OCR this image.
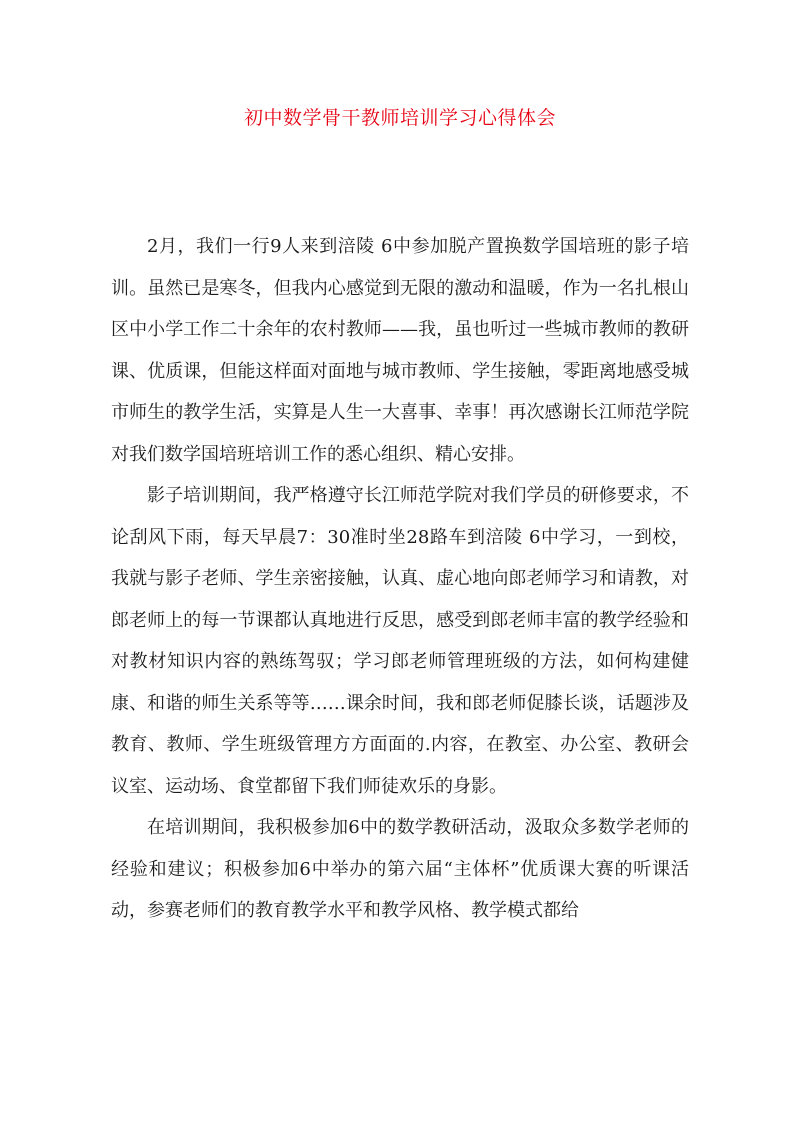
初中数学骨干教师培训学习心得体会

2月，我们一行9人来到涪陵 6中参加脱产置换数学国培班的影子培训。虽然已是寒冬，但我内心感觉到无限的激动和温暖，作为一名扎根山区中小学工作二十余年的农村教师——我，虽也听过一些城市教师的教研课、优质课，但能这样面对面地与城市教师、学生接触，零距离地感受城市师生的教学生活，实算是人生一大喜事、幸事！再次感谢长江师范学院对我们数学国培班培训工作的悉心组织、精心安排。

影子培训期间，我严格遵守长江师范学院对我们学员的研修要求，不论刮风下雨，每天早晨7：30准时坐28路车到涪陵 6中学习，一到校，我就与影子老师、学生亲密接触，认真、虚心地向郎老师学习和请教，对郎老师上的每一节课都认真地进行反思，感受到郎老师丰富的教学经验和对教材知识内容的熟练驾驭；学习郎老师管理班级的方法，如何构建健康、和谐的师生关系等等……课余时间，我和郎老师促膝长谈，话题涉及教育、教师、学生班级管理方方面面的.内容，在教室、办公室、教研会议室、运动场、食堂都留下我们师徒欢乐的身影。

在培训期间，我积极参加6中的数学教研活动，汲取众多数学老师的经验和建议；积极参加6中举办的第六届“主体杯”优质课大赛的听课活动，参赛老师们的教育教学水平和教学风格、教学模式都给
